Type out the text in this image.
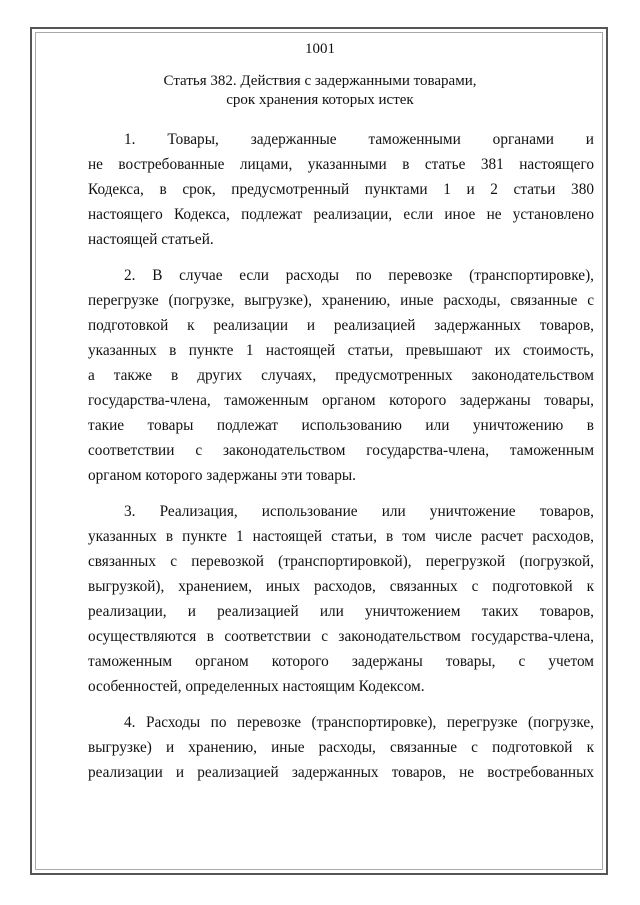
1001
Статья 382. Действия с задержанными товарами,
срок хранения которых истек
1. Товары, задержанные таможенными органами и
не востребованные лицами, указанными в статье 381 настоящего
Кодекса, в срок, предусмотренный пунктами 1 и 2 статьи 380
настоящего Кодекса, подлежат реализации, если иное не установлено
настоящей статьей.
2. В случае если расходы по перевозке (транспортировке),
перегрузке (погрузке, выгрузке), хранению, иные расходы, связанные с
подготовкой к реализации и реализацией задержанных товаров,
указанных в пункте 1 настоящей статьи, превышают их стоимость,
а также в других случаях, предусмотренных законодательством
государства-члена, таможенным органом которого задержаны товары,
такие товары подлежат использованию или уничтожению в
соответствии с законодательством государства-члена, таможенным
органом которого задержаны эти товары.
3. Реализация, использование или уничтожение товаров,
указанных в пункте 1 настоящей статьи, в том числе расчет расходов,
связанных с перевозкой (транспортировкой), перегрузкой (погрузкой,
выгрузкой), хранением, иных расходов, связанных с подготовкой к
реализации, и реализацией или уничтожением таких товаров,
осуществляются в соответствии с законодательством государства-члена,
таможенным органом которого задержаны товары, с учетом
особенностей, определенных настоящим Кодексом.
4. Расходы по перевозке (транспортировке), перегрузке (погрузке,
выгрузке) и хранению, иные расходы, связанные с подготовкой к
реализации и реализацией задержанных товаров, не востребованных
